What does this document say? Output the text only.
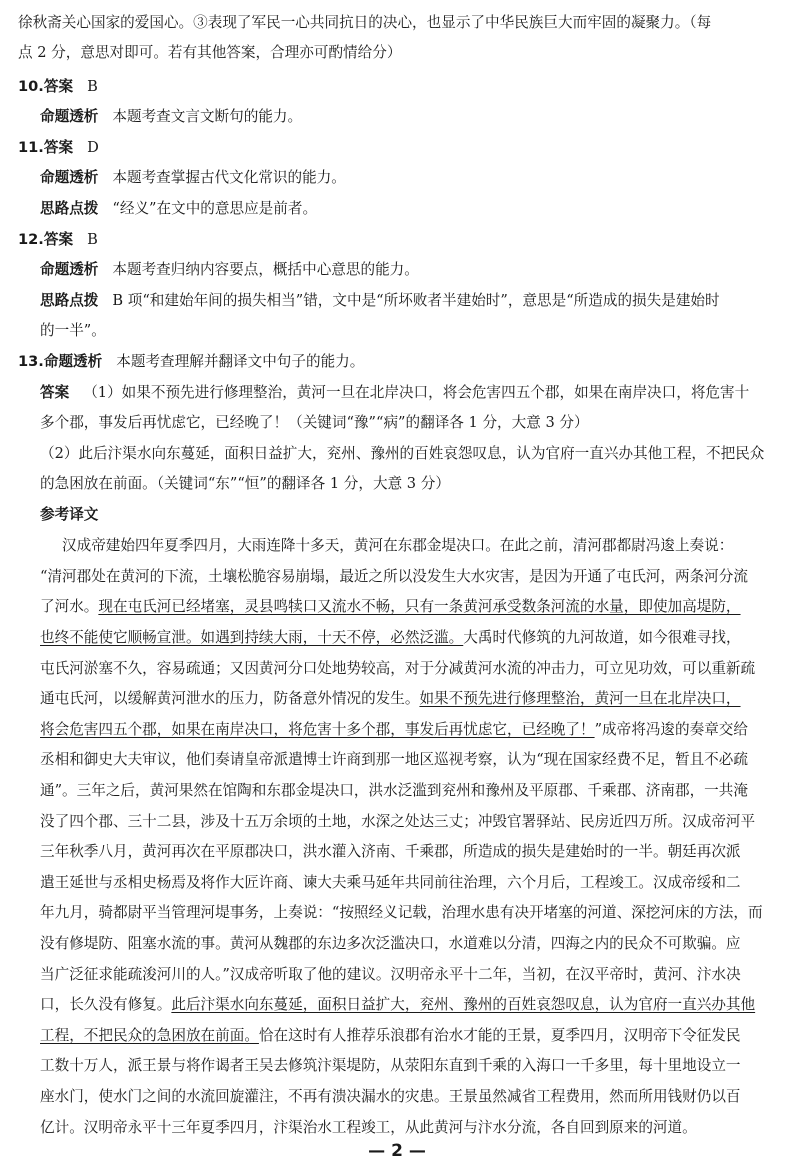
徐秋斋关心国家的爱国心。③表现了军民一心共同抗日的决心，也显示了中华民族巨大而牢固的凝聚力。（每
点 2 分，意思对即可。若有其他答案，合理亦可酌情给分）
10.答案 B
命题透析 本题考查文言文断句的能力。
11.答案 D
命题透析 本题考查掌握古代文化常识的能力。
思路点拨 “经义”在文中的意思应是前者。
12.答案 B
命题透析 本题考查归纳内容要点，概括中心意思的能力。
思路点拨 B 项“和建始年间的损失相当”错，文中是“所坏败者半建始时”，意思是“所造成的损失是建始时
的一半”。
13.命题透析 本题考查理解并翻译文中句子的能力。
答案 （1）如果不预先进行修理整治，黄河一旦在北岸决口，将会危害四五个郡，如果在南岸决口，将危害十
多个郡，事发后再忧虑它，已经晚了！（关键词“豫”“病”的翻译各 1 分，大意 3 分）
（2）此后汴渠水向东蔓延，面积日益扩大，兖州、豫州的百姓哀怨叹息，认为官府一直兴办其他工程，不把民众
的急困放在前面。（关键词“东”“恒”的翻译各 1 分，大意 3 分）
参考译文
汉成帝建始四年夏季四月，大雨连降十多天，黄河在东郡金堤决口。在此之前，清河郡都尉冯逡上奏说：
“清河郡处在黄河的下流，土壤松脆容易崩塌，最近之所以没发生大水灾害，是因为开通了屯氏河，两条河分流
了河水。现在屯氏河已经堵塞，灵县鸣犊口又流水不畅，只有一条黄河承受数条河流的水量，即使加高堤防，
也终不能使它顺畅宣泄。如遇到持续大雨，十天不停，必然泛滥。大禹时代修筑的九河故道，如今很难寻找，
屯氏河淤塞不久，容易疏通；又因黄河分口处地势较高，对于分减黄河水流的冲击力，可立见功效，可以重新疏
通屯氏河，以缓解黄河泄水的压力，防备意外情况的发生。如果不预先进行修理整治，黄河一旦在北岸决口，
将会危害四五个郡，如果在南岸决口，将危害十多个郡，事发后再忧虑它，已经晚了！”成帝将冯逡的奏章交给
丞相和御史大夫审议，他们奏请皇帝派遣博士许商到那一地区巡视考察，认为“现在国家经费不足，暂且不必疏
通”。三年之后，黄河果然在馆陶和东郡金堤决口，洪水泛滥到兖州和豫州及平原郡、千乘郡、济南郡，一共淹
没了四个郡、三十二县，涉及十五万余顷的土地，水深之处达三丈；冲毁官署驿站、民房近四万所。汉成帝河平
三年秋季八月，黄河再次在平原郡决口，洪水灌入济南、千乘郡，所造成的损失是建始时的一半。朝廷再次派
遣王延世与丞相史杨焉及将作大匠许商、谏大夫乘马延年共同前往治理，六个月后，工程竣工。汉成帝绥和二
年九月，骑都尉平当管理河堤事务，上奏说：“按照经义记载，治理水患有决开堵塞的河道、深挖河床的方法，而
没有修堤防、阻塞水流的事。黄河从魏郡的东边多次泛滥决口，水道难以分清，四海之内的民众不可欺骗。应
当广泛征求能疏浚河川的人。”汉成帝听取了他的建议。汉明帝永平十二年，当初，在汉平帝时，黄河、汴水决
口，长久没有修复。此后汴渠水向东蔓延，面积日益扩大，兖州、豫州的百姓哀怨叹息，认为官府一直兴办其他
工程，不把民众的急困放在前面。恰在这时有人推荐乐浪郡有治水才能的王景，夏季四月，汉明帝下令征发民
工数十万人，派王景与将作谒者王吴去修筑汴渠堤防，从荥阳东直到千乘的入海口一千多里，每十里地设立一
座水门，使水门之间的水流回旋灌注，不再有溃决漏水的灾患。王景虽然减省工程费用，然而所用钱财仍以百
亿计。汉明帝永平十三年夏季四月，汴渠治水工程竣工，从此黄河与汴水分流，各自回到原来的河道。
— 2 —
